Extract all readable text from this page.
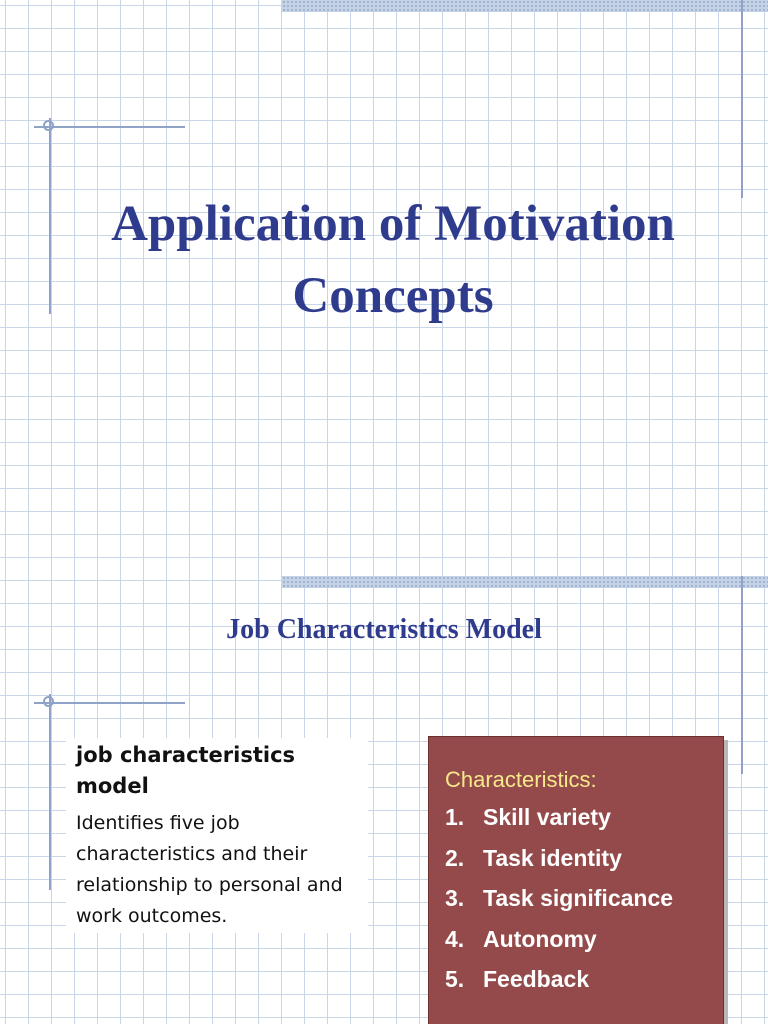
Application of Motivation
Concepts
Job Characteristics Model

job characteristics
model

Identifies five job
characteristics and their
relationship to personal and
work outcomes.

Characteristics:

1. Skill variety
2. Task identity
3. Task significance
4. Autonomy
5. Feedback
